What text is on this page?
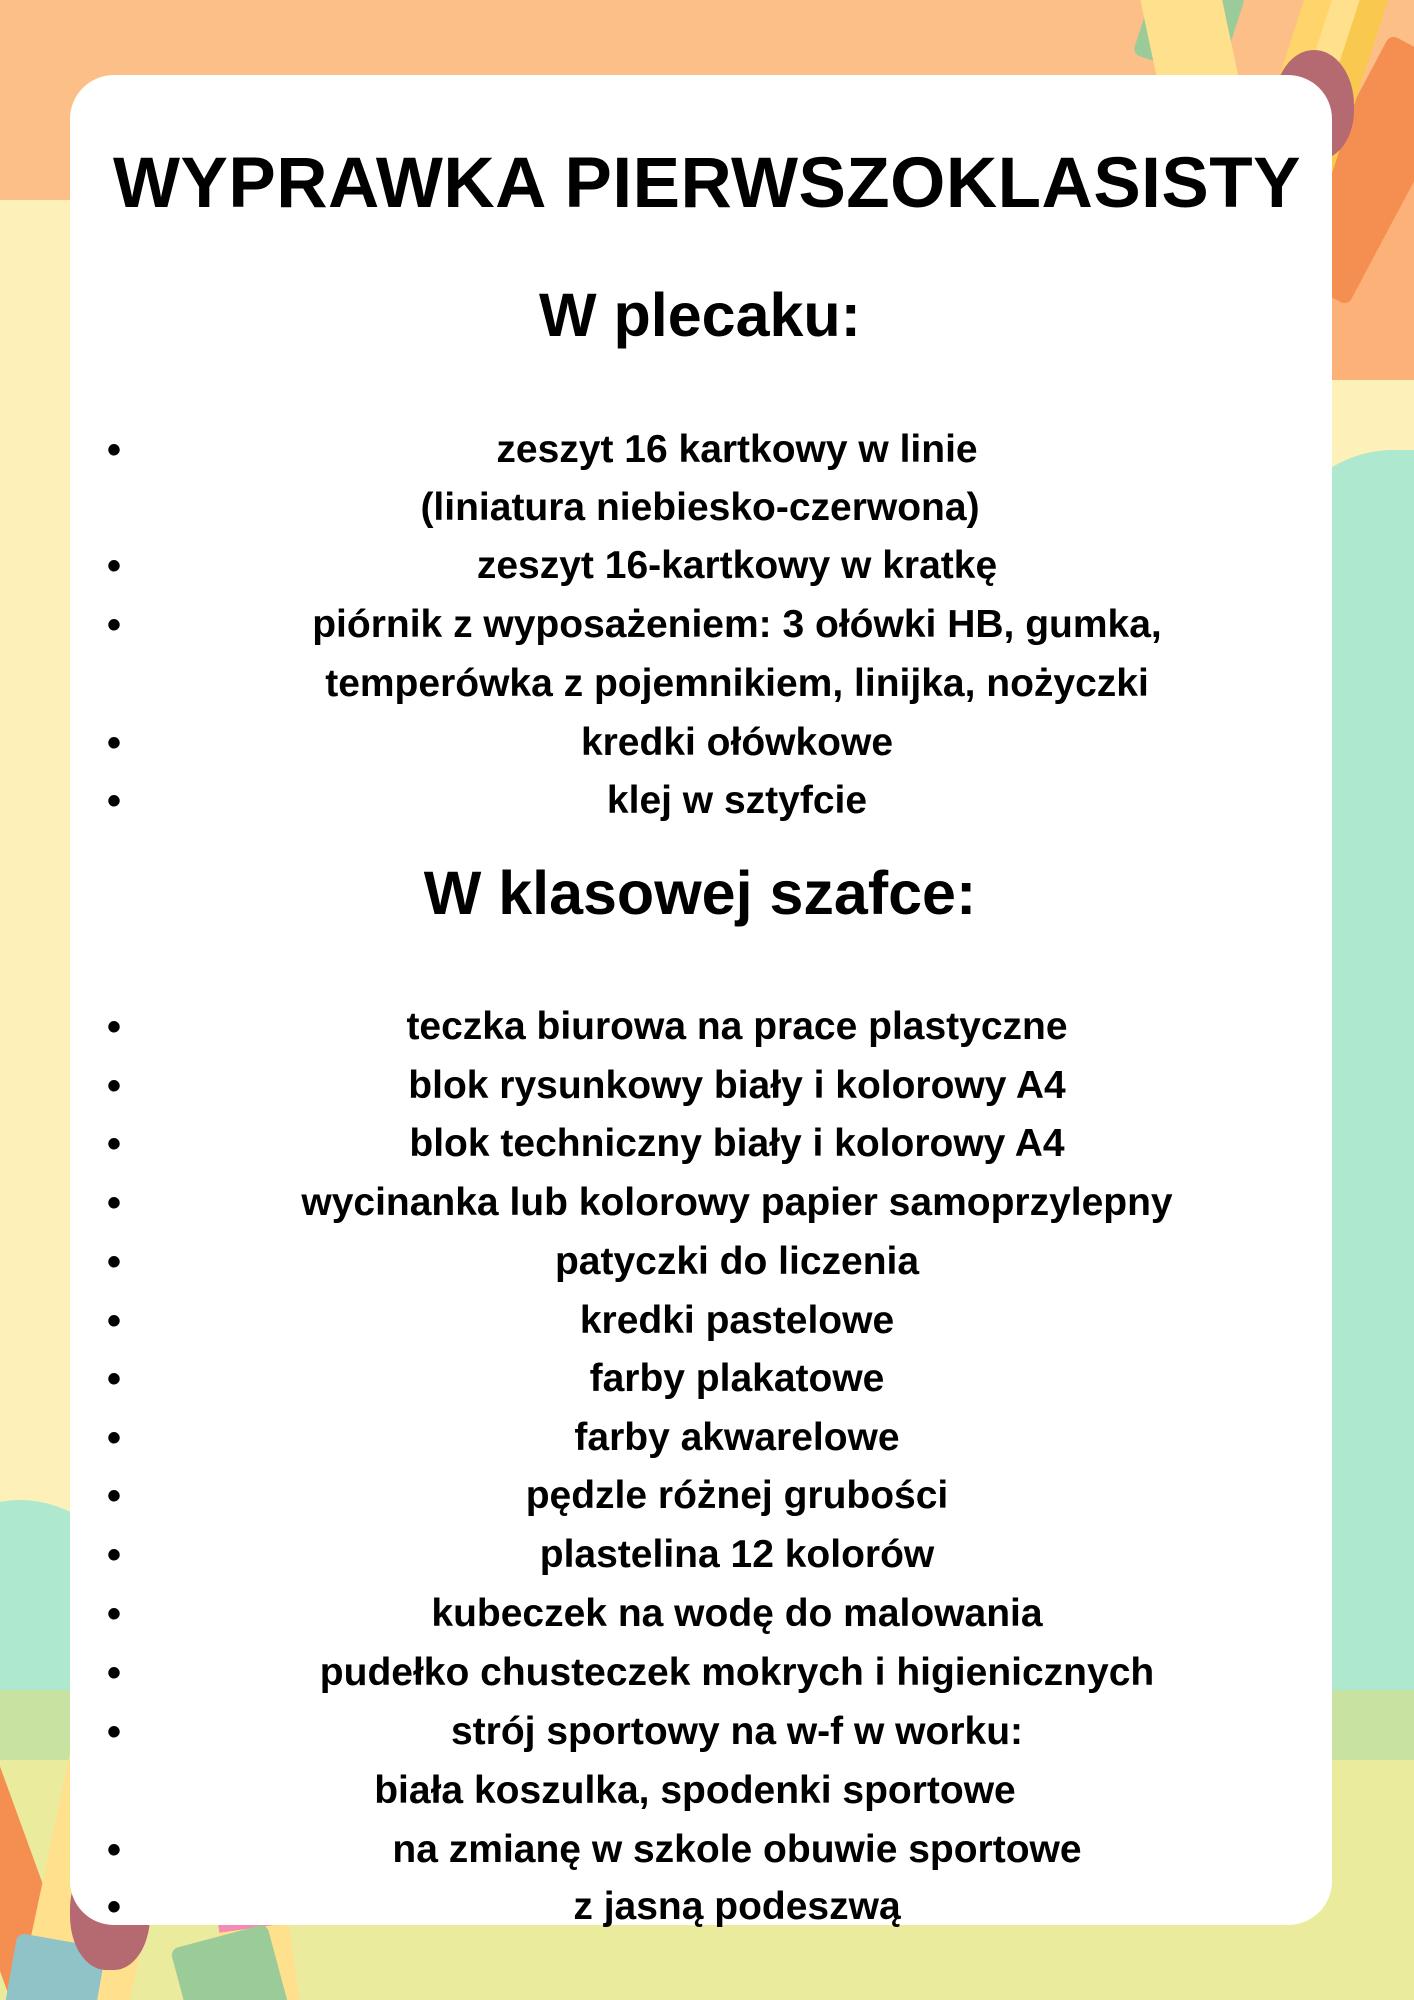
WYPRAWKA PIERWSZOKLASISTY
W plecaku:
•	zeszyt 16 kartkowy w linie
(liniatura niebiesko-czerwona)
•	zeszyt 16-kartkowy w kratkę
•	piórnik z wyposażeniem: 3 ołówki HB, gumka,
temperówka z pojemnikiem, linijka, nożyczki
•	kredki ołówkowe
•	klej w sztyfcie
W klasowej szafce:
•	teczka biurowa na prace plastyczne
•	blok rysunkowy biały i kolorowy A4
•	blok techniczny biały i kolorowy A4
•	wycinanka lub kolorowy papier samoprzylepny
•	patyczki do liczenia
•	kredki pastelowe
•	farby plakatowe
•	farby akwarelowe
•	pędzle różnej grubości
•	plastelina 12 kolorów
•	kubeczek na wodę do malowania
•	pudełko chusteczek mokrych i higienicznych
•	strój sportowy na w-f w worku:
biała koszulka, spodenki sportowe
•	na zmianę w szkole obuwie sportowe
•	z jasną podeszwą
